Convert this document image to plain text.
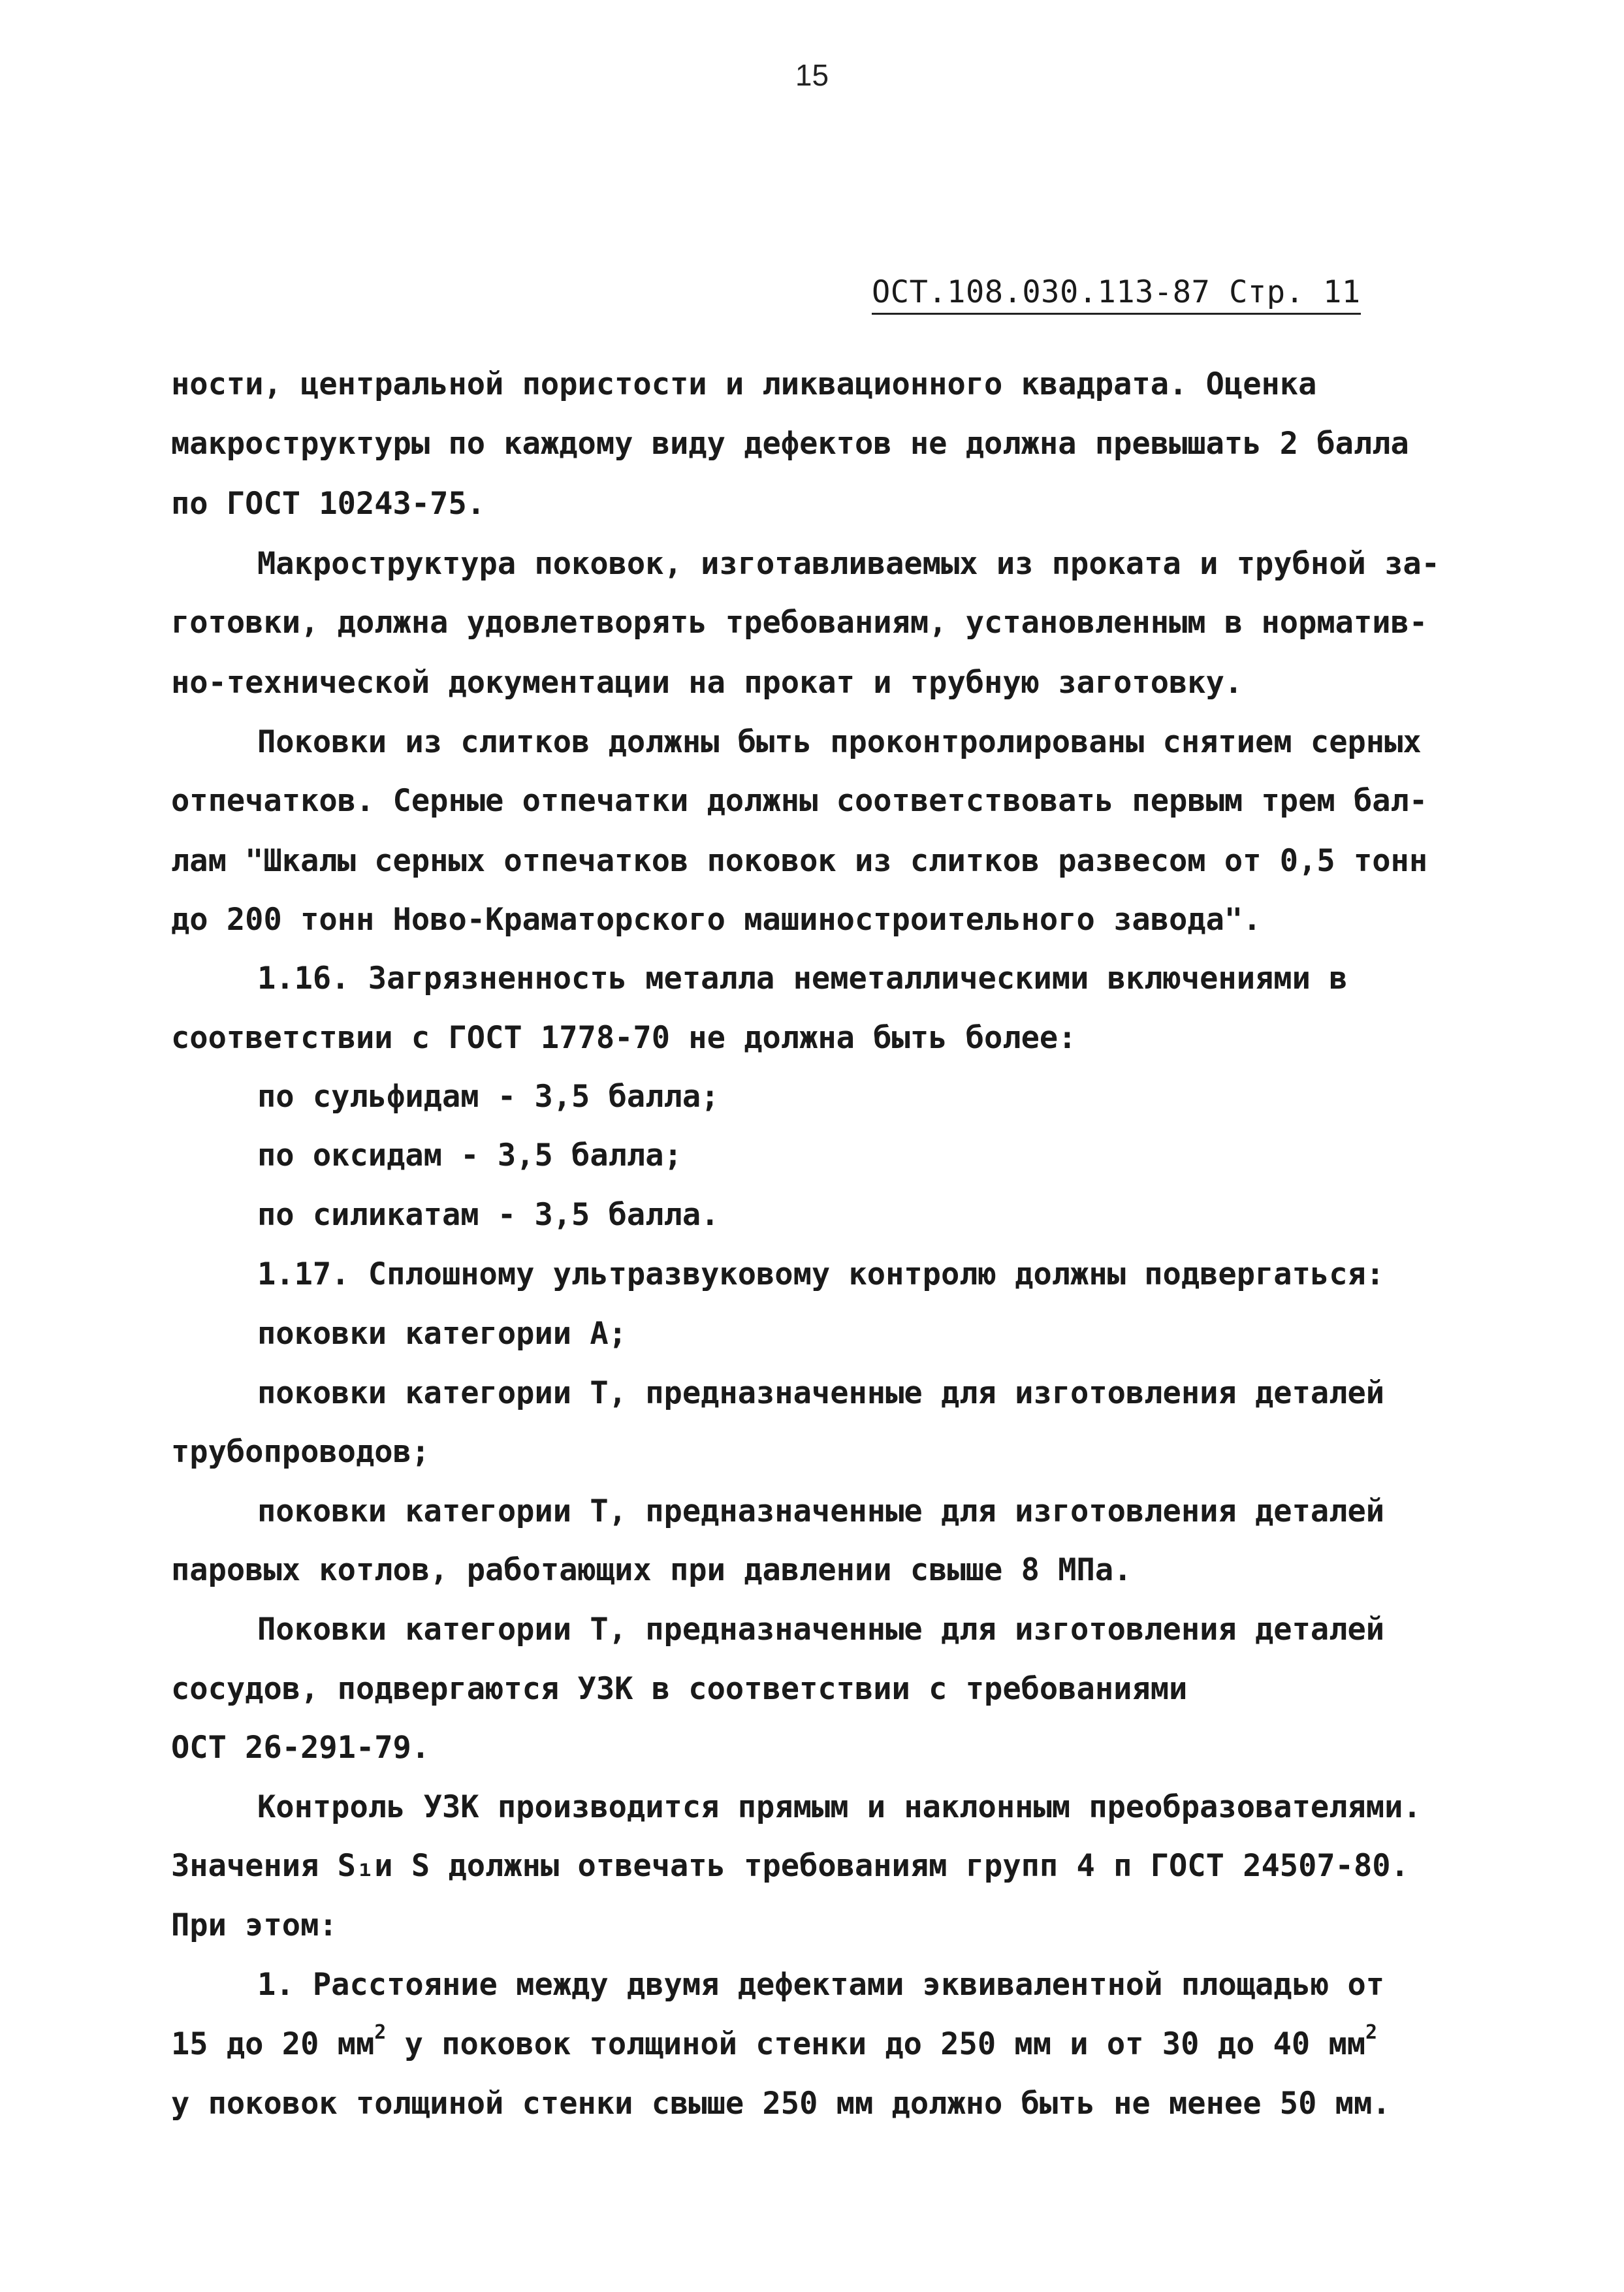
15
ОСТ.108.030.113-87 Стр. 11
ности, центральной пористости и ликвационного квадрата. Оценка
макроструктуры по каждому виду дефектов не должна превышать 2 балла
по ГОСТ 10243-75.
Макроструктура поковок, изготавливаемых из проката и трубной за-
готовки, должна удовлетворять требованиям, установленным в норматив-
но-технической документации на прокат и трубную заготовку.
Поковки из слитков должны быть проконтролированы снятием серных
отпечатков. Серные отпечатки должны соответствовать первым трем бал-
лам "Шкалы серных отпечатков поковок из слитков развесом от 0,5 тонн
до 200 тонн Ново-Краматорского машиностроительного завода".
1.16. Загрязненность металла неметаллическими включениями в
соответствии с ГОСТ 1778-70 не должна быть более:
по сульфидам - 3,5 балла;
по оксидам - 3,5 балла;
по силикатам - 3,5 балла.
1.17. Сплошному ультразвуковому контролю должны подвергаться:
поковки категории А;
поковки категории Т, предназначенные для изготовления деталей
трубопроводов;
поковки категории Т, предназначенные для изготовления деталей
паровых котлов, работающих при давлении свыше 8 МПа.
Поковки категории Т, предназначенные для изготовления деталей
сосудов, подвергаются УЗК в соответствии с требованиями
ОСТ 26-291-79.
Контроль УЗК производится прямым и наклонным преобразователями.
Значения S₁и S должны отвечать требованиям групп 4 п ГОСТ 24507-80.
При этом:
1. Расстояние между двумя дефектами эквивалентной площадью от
15 до 20 $мм^2$ у поковок толщиной стенки до 250 мм и от 30 до 40 $мм^2$
у поковок толщиной стенки свыше 250 мм должно быть не менее 50 мм.
